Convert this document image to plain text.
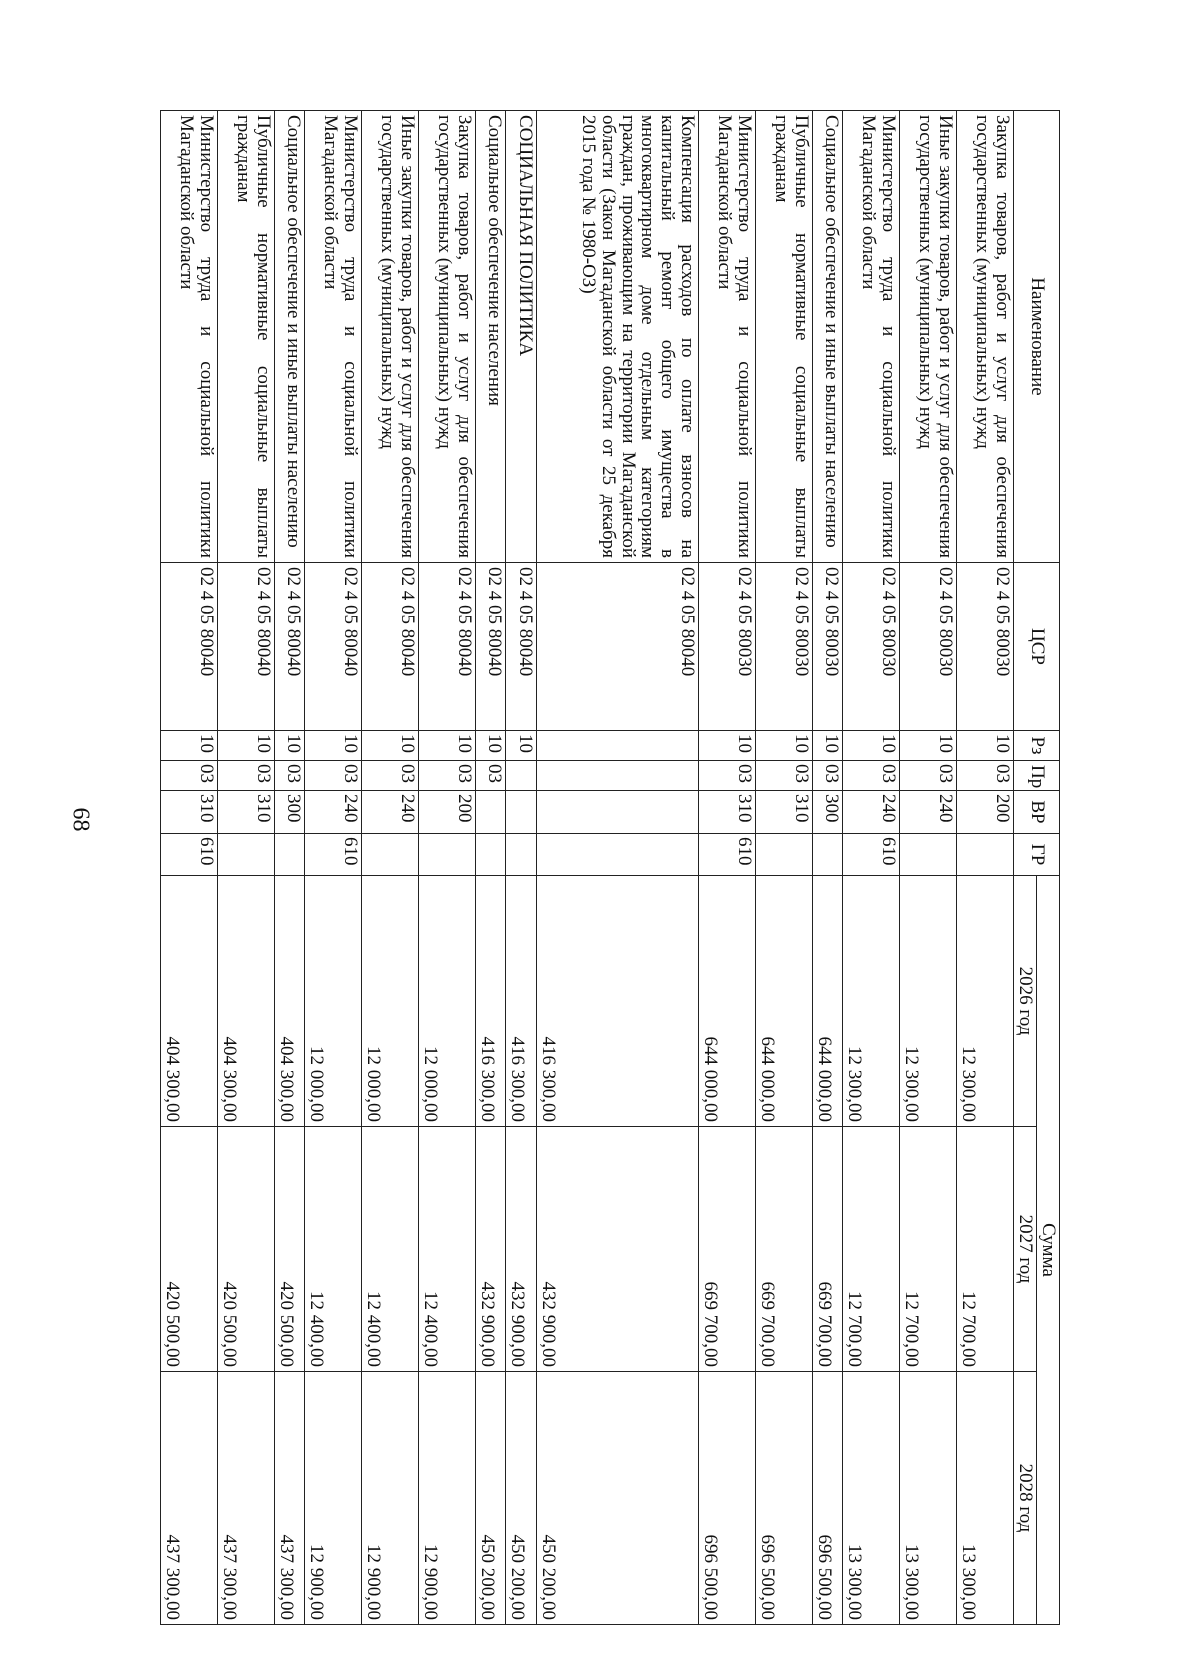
68
Наименование	ЦСР	Рз	Пр	ВР	ГР	Сумма		
						2026 год	2027 год	2028 год
Закупка товаров, работ и услуг для обеспечения государственных (муниципальных) нужд	02 4 05 80030	10	03	200		12 300,00	12 700,00	13 300,00
Иные закупки товаров, работ и услуг для обеспечения государственных (муниципальных) нужд	02 4 05 80030	10	03	240		12 300,00	12 700,00	13 300,00
Министерство труда и социальной политики Магаданской области	02 4 05 80030	10	03	240	610	12 300,00	12 700,00	13 300,00
Социальное обеспечение и иные выплаты населению	02 4 05 80030	10	03	300		644 000,00	669 700,00	696 500,00
Публичные нормативные социальные выплаты гражданам	02 4 05 80030	10	03	310		644 000,00	669 700,00	696 500,00
Министерство труда и социальной политики Магаданской области	02 4 05 80030	10	03	310	610	644 000,00	669 700,00	696 500,00
Компенсация расходов по оплате взносов на капитальный ремонт общего имущества в многоквартирном доме отдельным категориям граждан, проживающим на территории Магаданской области (Закон Магаданской области от 25 декабря 2015 года № 1980-ОЗ)	02 4 05 80040					416 300,00	432 900,00	450 200,00
СОЦИАЛЬНАЯ ПОЛИТИКА	02 4 05 80040	10				416 300,00	432 900,00	450 200,00
Социальное обеспечение населения	02 4 05 80040	10	03			416 300,00	432 900,00	450 200,00
Закупка товаров, работ и услуг для обеспечения государственных (муниципальных) нужд	02 4 05 80040	10	03	200		12 000,00	12 400,00	12 900,00
Иные закупки товаров, работ и услуг для обеспечения государственных (муниципальных) нужд	02 4 05 80040	10	03	240		12 000,00	12 400,00	12 900,00
Министерство труда и социальной политики Магаданской области	02 4 05 80040	10	03	240	610	12 000,00	12 400,00	12 900,00
Социальное обеспечение и иные выплаты населению	02 4 05 80040	10	03	300		404 300,00	420 500,00	437 300,00
Публичные нормативные социальные выплаты гражданам	02 4 05 80040	10	03	310		404 300,00	420 500,00	437 300,00
Министерство труда и социальной политики Магаданской области	02 4 05 80040	10	03	310	610	404 300,00	420 500,00	437 300,00
